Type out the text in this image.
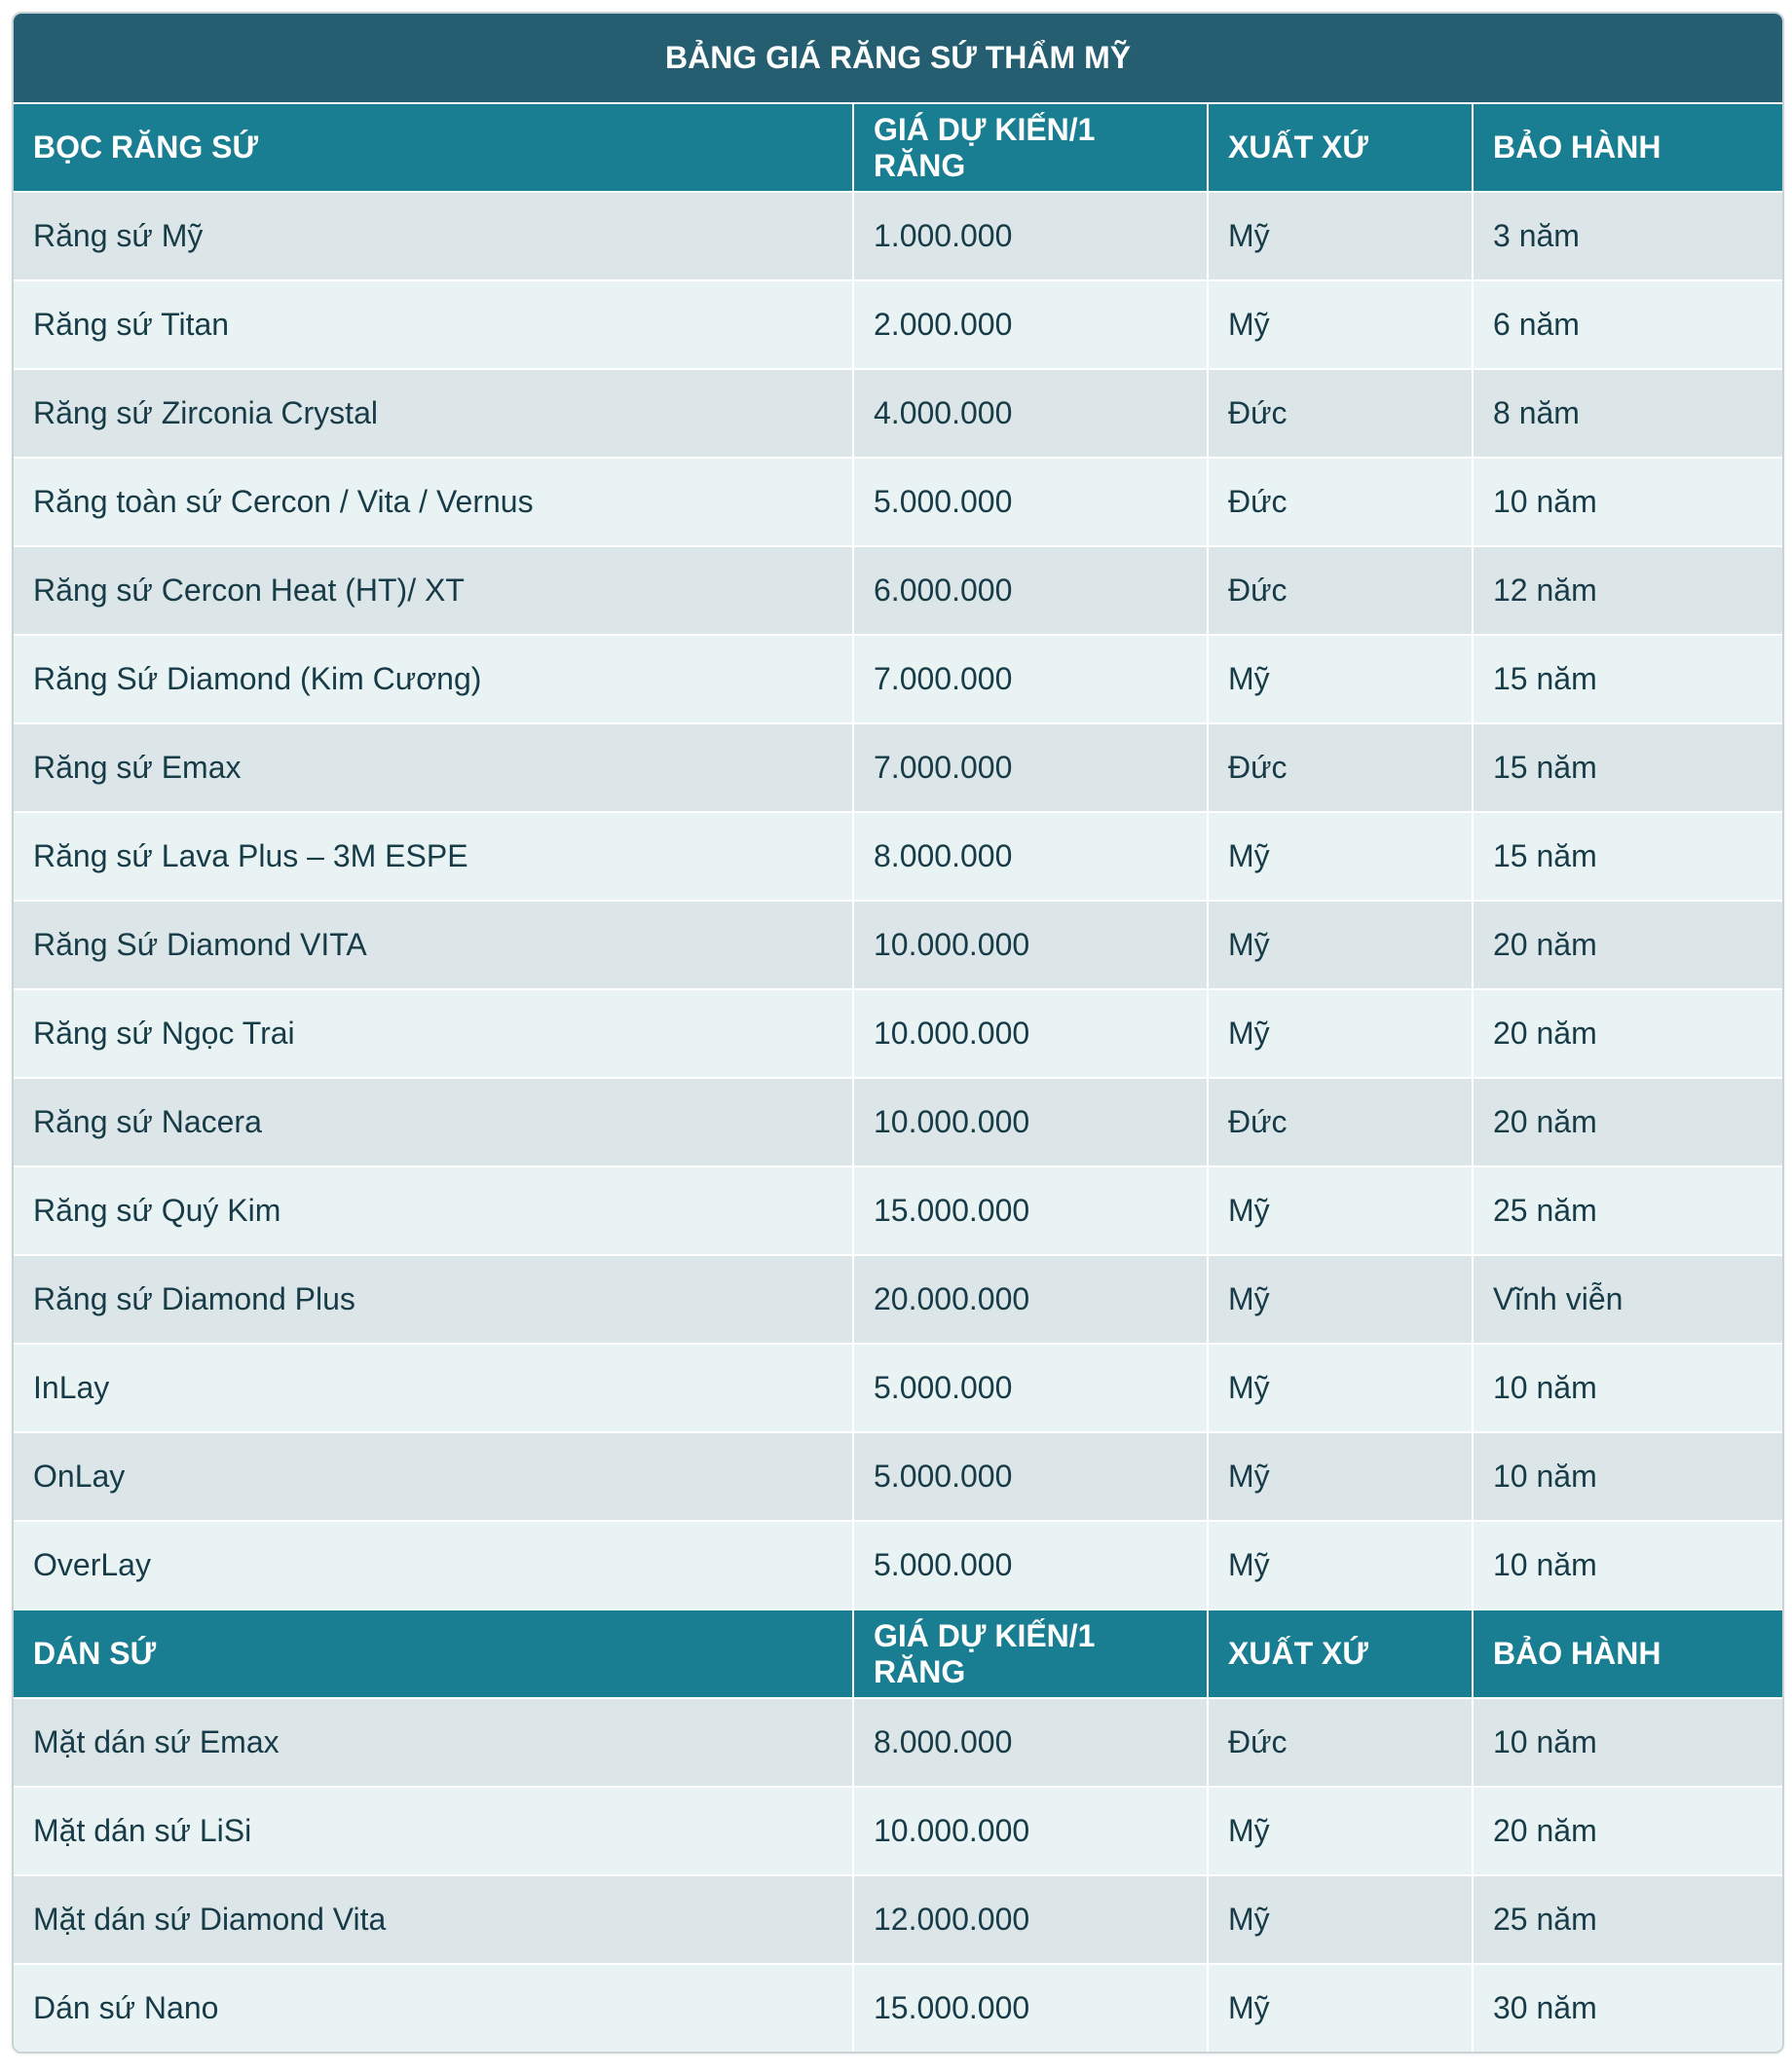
BẢNG GIÁ RĂNG SỨ THẨM MỸ			
BỌC RĂNG SỨ	GIÁ DỰ KIẾN/1 RĂNG	XUẤT XỨ	BẢO HÀNH
Răng sứ Mỹ	1.000.000	Mỹ	3 năm
Răng sứ Titan	2.000.000	Mỹ	6 năm
Răng sứ Zirconia Crystal	4.000.000	Đức	8 năm
Răng toàn sứ Cercon / Vita / Vernus	5.000.000	Đức	10 năm
Răng sứ Cercon Heat (HT)/ XT	6.000.000	Đức	12 năm
Răng Sứ Diamond (Kim Cương)	7.000.000	Mỹ	15 năm
Răng sứ Emax	7.000.000	Đức	15 năm
Răng sứ Lava Plus – 3M ESPE	8.000.000	Mỹ	15 năm
Răng Sứ Diamond VITA	10.000.000	Mỹ	20 năm
Răng sứ Ngọc Trai	10.000.000	Mỹ	20 năm
Răng sứ Nacera	10.000.000	Đức	20 năm
Răng sứ Quý Kim	15.000.000	Mỹ	25 năm
Răng sứ Diamond Plus	20.000.000	Mỹ	Vĩnh viễn
InLay	5.000.000	Mỹ	10 năm
OnLay	5.000.000	Mỹ	10 năm
OverLay	5.000.000	Mỹ	10 năm
DÁN SỨ	GIÁ DỰ KIẾN/1 RĂNG	XUẤT XỨ	BẢO HÀNH
Mặt dán sứ Emax	8.000.000	Đức	10 năm
Mặt dán sứ LiSi	10.000.000	Mỹ	20 năm
Mặt dán sứ Diamond Vita	12.000.000	Mỹ	25 năm
Dán sứ Nano	15.000.000	Mỹ	30 năm
